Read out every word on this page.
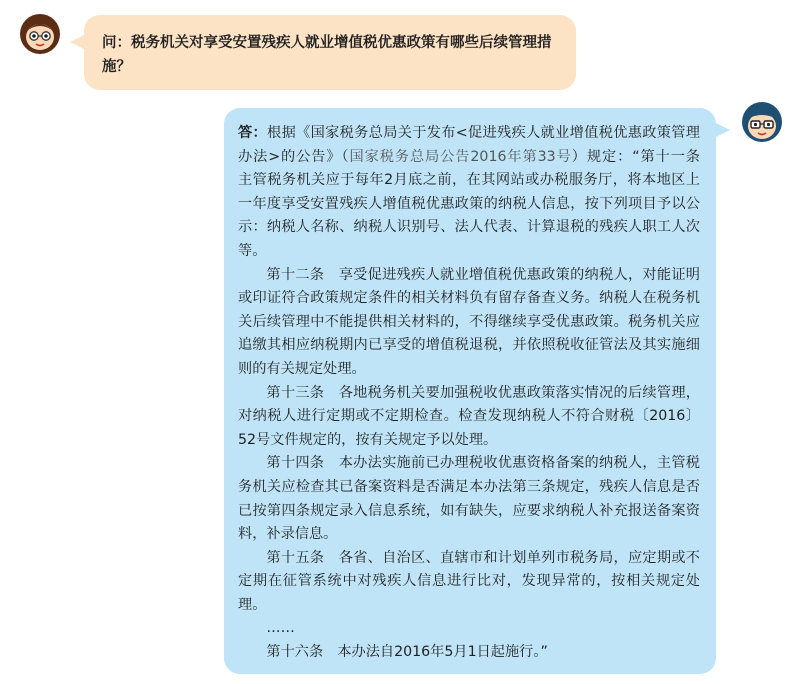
问：税务机关对享受安置残疾人就业增值税优惠政策有哪些后续管理措施？

答：根据《国家税务总局关于发布<促进残疾人就业增值税优惠政策管理办法>的公告》（国家税务总局公告2016年第33号）规定：“第十一条　主管税务机关应于每年2月底之前，在其网站或办税服务厅，将本地区上一年度享受安置残疾人增值税优惠政策的纳税人信息，按下列项目予以公示：纳税人名称、纳税人识别号、法人代表、计算退税的残疾人职工人次等。

第十二条　享受促进残疾人就业增值税优惠政策的纳税人，对能证明或印证符合政策规定条件的相关材料负有留存备查义务。纳税人在税务机关后续管理中不能提供相关材料的，不得继续享受优惠政策。税务机关应追缴其相应纳税期内已享受的增值税退税，并依照税收征管法及其实施细则的有关规定处理。

第十三条　各地税务机关要加强税收优惠政策落实情况的后续管理，对纳税人进行定期或不定期检查。检查发现纳税人不符合财税〔2016〕52号文件规定的，按有关规定予以处理。

第十四条　本办法实施前已办理税收优惠资格备案的纳税人，主管税务机关应检查其已备案资料是否满足本办法第三条规定，残疾人信息是否已按第四条规定录入信息系统，如有缺失，应要求纳税人补充报送备案资料，补录信息。

第十五条　各省、自治区、直辖市和计划单列市税务局，应定期或不定期在征管系统中对残疾人信息进行比对，发现异常的，按相关规定处理。

……

第十六条　本办法自2016年5月1日起施行。”
